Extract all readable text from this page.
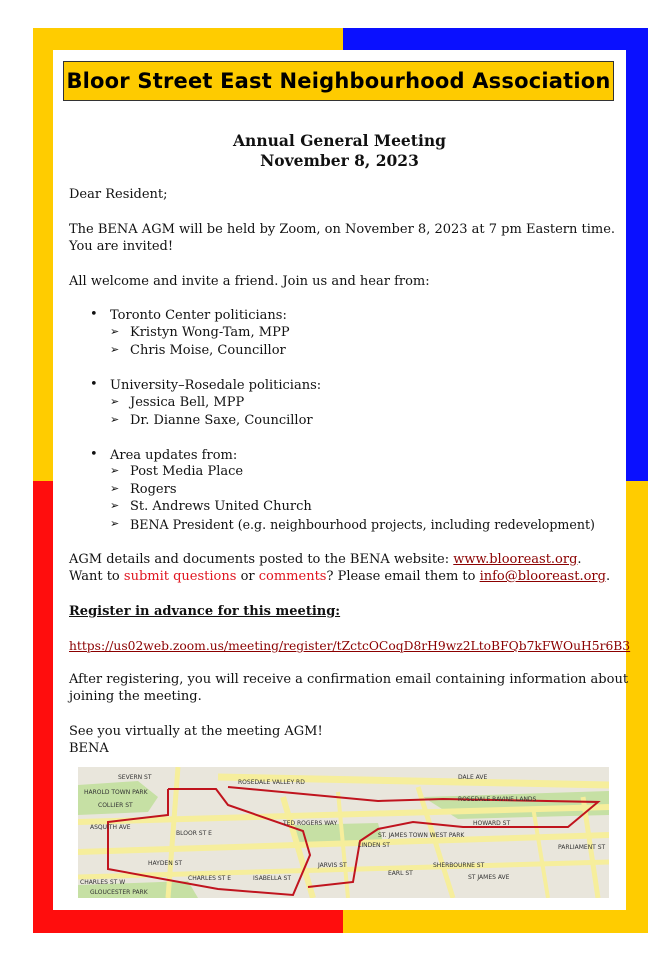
Bloor Street East Neighbourhood Association
Annual General Meeting
November 8, 2023
Dear Resident;
The BENA AGM will be held by Zoom, on November 8, 2023 at 7 pm Eastern time.
You are invited!
All welcome and invite a friend. Join us and hear from:
• Toronto Center politicians:
➢ Kristyn Wong-Tam, MPP
➢ Chris Moise, Councillor
• University–Rosedale politicians:
➢ Jessica Bell, MPP
➢ Dr. Dianne Saxe, Councillor
• Area updates from:
➢ Post Media Place
➢ Rogers
➢ St. Andrews United Church
➢ BENA President (e.g. neighbourhood projects, including redevelopment)
AGM details and documents posted to the BENA website: www.blooreast.org.
Want to submit questions or comments? Please email them to info@blooreast.org.
Register in advance for this meeting:
https://us02web.zoom.us/meeting/register/tZctcOCoqD8rH9wz2LtoBFQb7kFWOuH5r6B3
After registering, you will receive a confirmation email containing information about
joining the meeting.
See you virtually at the meeting AGM!
BENA
HAROLD TOWN PARK
ROSEDALE VALLEY RD
COLLIER ST
ASQUITH AVE
BLOOR ST E
HAYDEN ST
CHARLES ST E	ISABELLA ST
EARL ST
ROSEDALE RAVINE LANDS
HOWARD ST
ST. JAMES TOWN WEST PARK
SHERBOURNE ST
JARVIS ST
TED ROGERS WAY
PARLIAMENT ST
GLOUCESTER PARK
LINDEN ST
ST JAMES AVE
CHARLES ST W
DALE AVE
SEVERN ST
